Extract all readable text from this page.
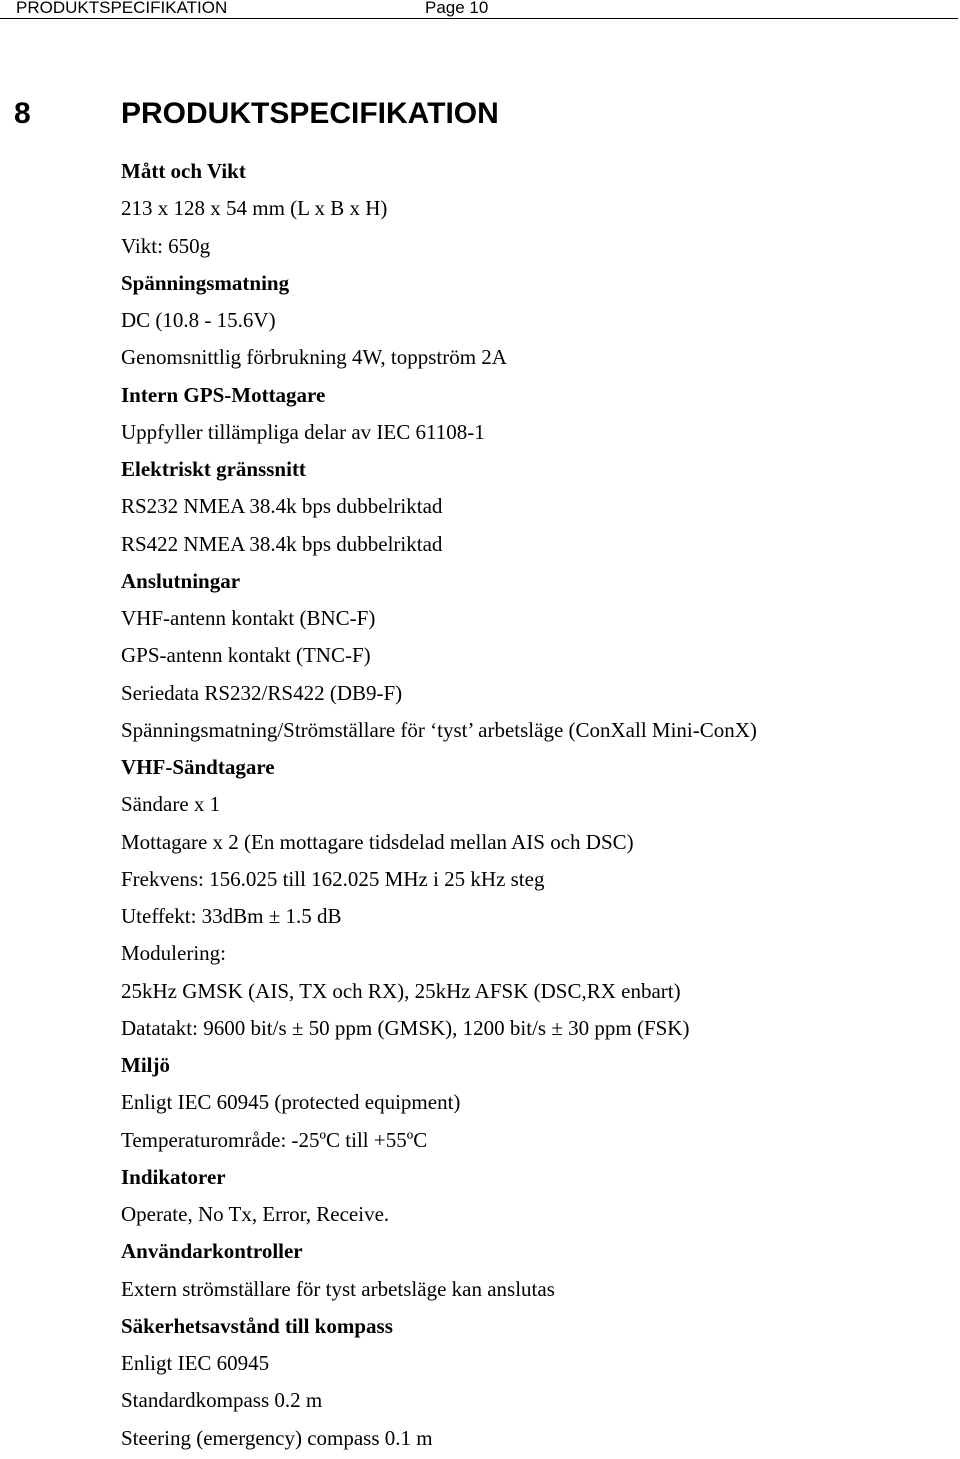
PRODUKTSPECIFIKATION	Page 10
8	PRODUKTSPECIFIKATION
Mått och Vikt
213 x 128 x 54 mm (L x B x H)
Vikt: 650g
Spänningsmatning
DC (10.8 - 15.6V)
Genomsnittlig förbrukning 4W, toppström 2A
Intern GPS-Mottagare
Uppfyller tillämpliga delar av IEC 61108-1
Elektriskt gränssnitt
RS232 NMEA 38.4k bps dubbelriktad
RS422 NMEA 38.4k bps dubbelriktad
Anslutningar
VHF-antenn kontakt (BNC-F)
GPS-antenn kontakt (TNC-F)
Seriedata RS232/RS422 (DB9-F)
Spänningsmatning/Strömställare för ‘tyst’ arbetsläge (ConXall Mini-ConX)
VHF-Sändtagare
Sändare x 1
Mottagare x 2 (En mottagare tidsdelad mellan AIS och DSC)
Frekvens: 156.025 till 162.025 MHz i 25 kHz steg
Uteffekt: 33dBm ± 1.5 dB
Modulering:
25kHz GMSK (AIS, TX och RX), 25kHz AFSK (DSC,RX enbart)
Datatakt: 9600 bit/s ± 50 ppm (GMSK), 1200 bit/s ± 30 ppm (FSK)
Miljö
Enligt IEC 60945 (protected equipment)
Temperaturområde: -25ºC till +55ºC
Indikatorer
Operate, No Tx, Error, Receive.
Användarkontroller
Extern strömställare för tyst arbetsläge kan anslutas
Säkerhetsavstånd till kompass
Enligt IEC 60945
Standardkompass 0.2 m
Steering (emergency) compass 0.1 m
